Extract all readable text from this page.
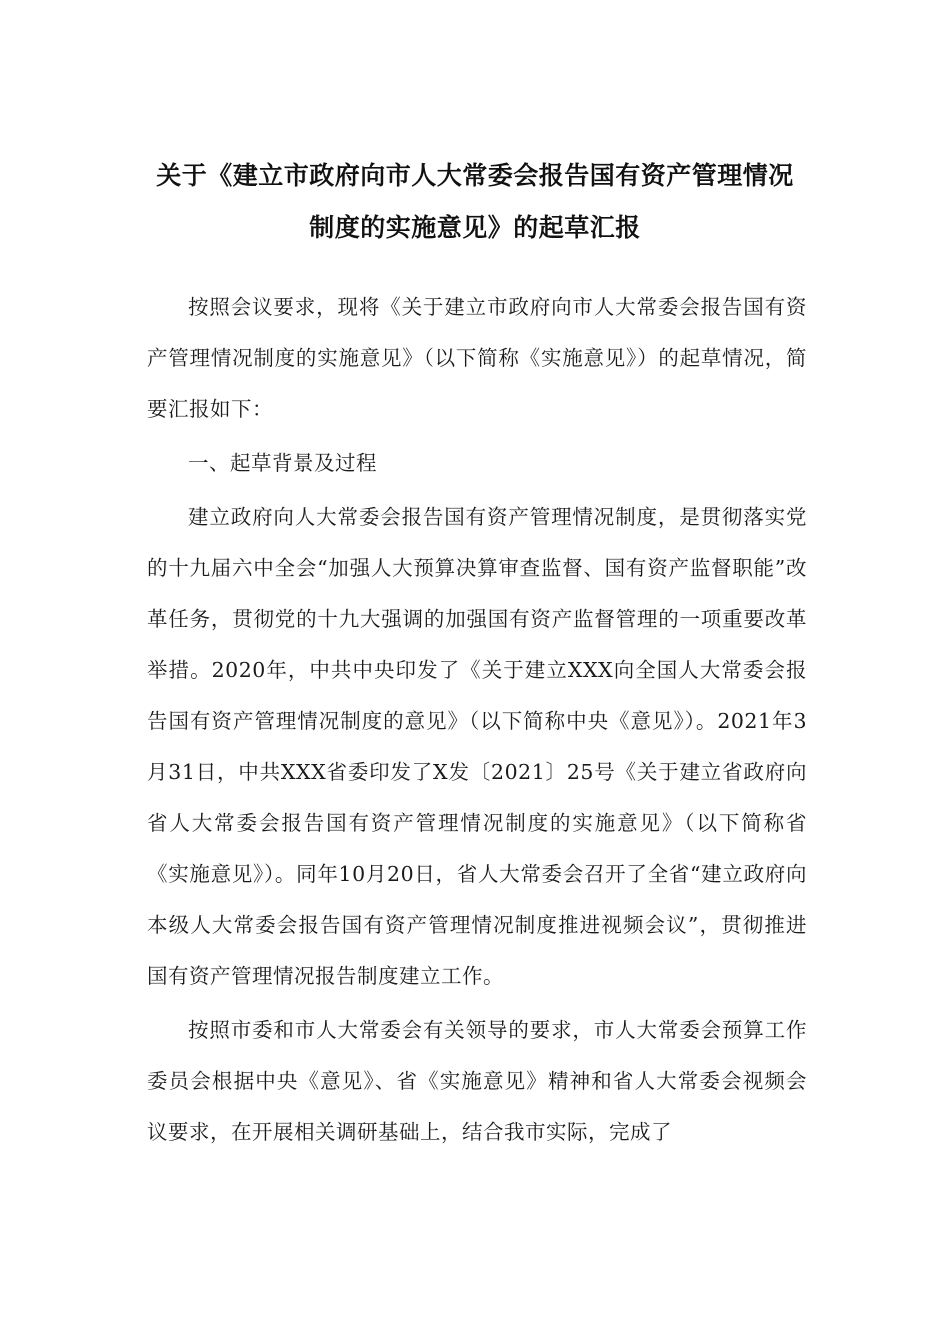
关于《建立市政府向市人大常委会报告国有资产管理情况
制度的实施意见》的起草汇报

按照会议要求，现将《关于建立市政府向市人大常委会报告国有资产管理情况制度的实施意见》（以下简称《实施意见》）的起草情况，简要汇报如下：

一、起草背景及过程

建立政府向人大常委会报告国有资产管理情况制度，是贯彻落实党的十九届六中全会“加强人大预算决算审查监督、国有资产监督职能”改革任务，贯彻党的十九大强调的加强国有资产监督管理的一项重要改革举措。2020年，中共中央印发了《关于建立XXX向全国人大常委会报告国有资产管理情况制度的意见》（以下简称中央《意见》）。2021年3月31日，中共XXX省委印发了X发〔2021〕25号《关于建立省政府向省人大常委会报告国有资产管理情况制度的实施意见》（以下简称省《实施意见》）。同年10月20日，省人大常委会召开了全省“建立政府向本级人大常委会报告国有资产管理情况制度推进视频会议”，贯彻推进国有资产管理情况报告制度建立工作。

按照市委和市人大常委会有关领导的要求，市人大常委会预算工作委员会根据中央《意见》、省《实施意见》精神和省人大常委会视频会议要求，在开展相关调研基础上，结合我市实际，完成了
